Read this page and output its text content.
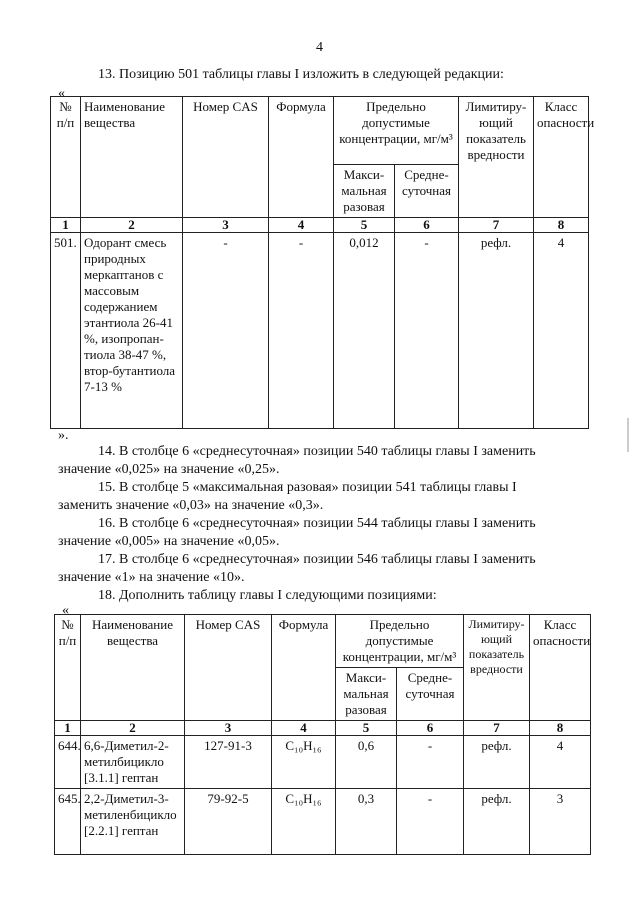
4
13. Позицию 501 таблицы главы I изложить в следующей редакции:
«
№ п/п	Наименование вещества	Номер CAS	Формула	Предельно допустимые концентрации, мг/м³		Лимитиру-ющий показатель вредности	Класс опасности
				Макси-мальная разовая	Средне-суточная		
1	2	3	4	5	6	7	8
501.	Одорант смесь природных меркаптанов с массовым содержанием этантиола 26-41 %, изопропан-тиола 38-47 %, втор-бутантиола 7-13 %	-	-	0,012	-	рефл.	4
».
14. В столбце 6 «среднесуточная» позиции 540 таблицы главы I заменить
значение «0,025» на значение «0,25».
15. В столбце 5 «максимальная разовая» позиции 541 таблицы главы I
заменить значение «0,03» на значение «0,3».
16. В столбце 6 «среднесуточная» позиции 544 таблицы главы I заменить
значение «0,005» на значение «0,05».
17. В столбце 6 «среднесуточная» позиции 546 таблицы главы I заменить
значение «1» на значение «10».
18. Дополнить таблицу главы I следующими позициями:
«
№ п/п	Наименование вещества	Номер CAS	Формула	Предельно допустимые концентрации, мг/м³		Лимитиру-ющий показатель вредности	Класс опасности
				Макси-мальная разовая	Средне-суточная		
1	2	3	4	5	6	7	8
644.	6,6-Диметил-2-метилбицикло [3.1.1] гептан	127-91-3	C₁₀H₁₆	0,6	-	рефл.	4
645.	2,2-Диметил-3-метиленбициклo [2.2.1] гептан	79-92-5	C₁₀H₁₆	0,3	-	рефл.	3
